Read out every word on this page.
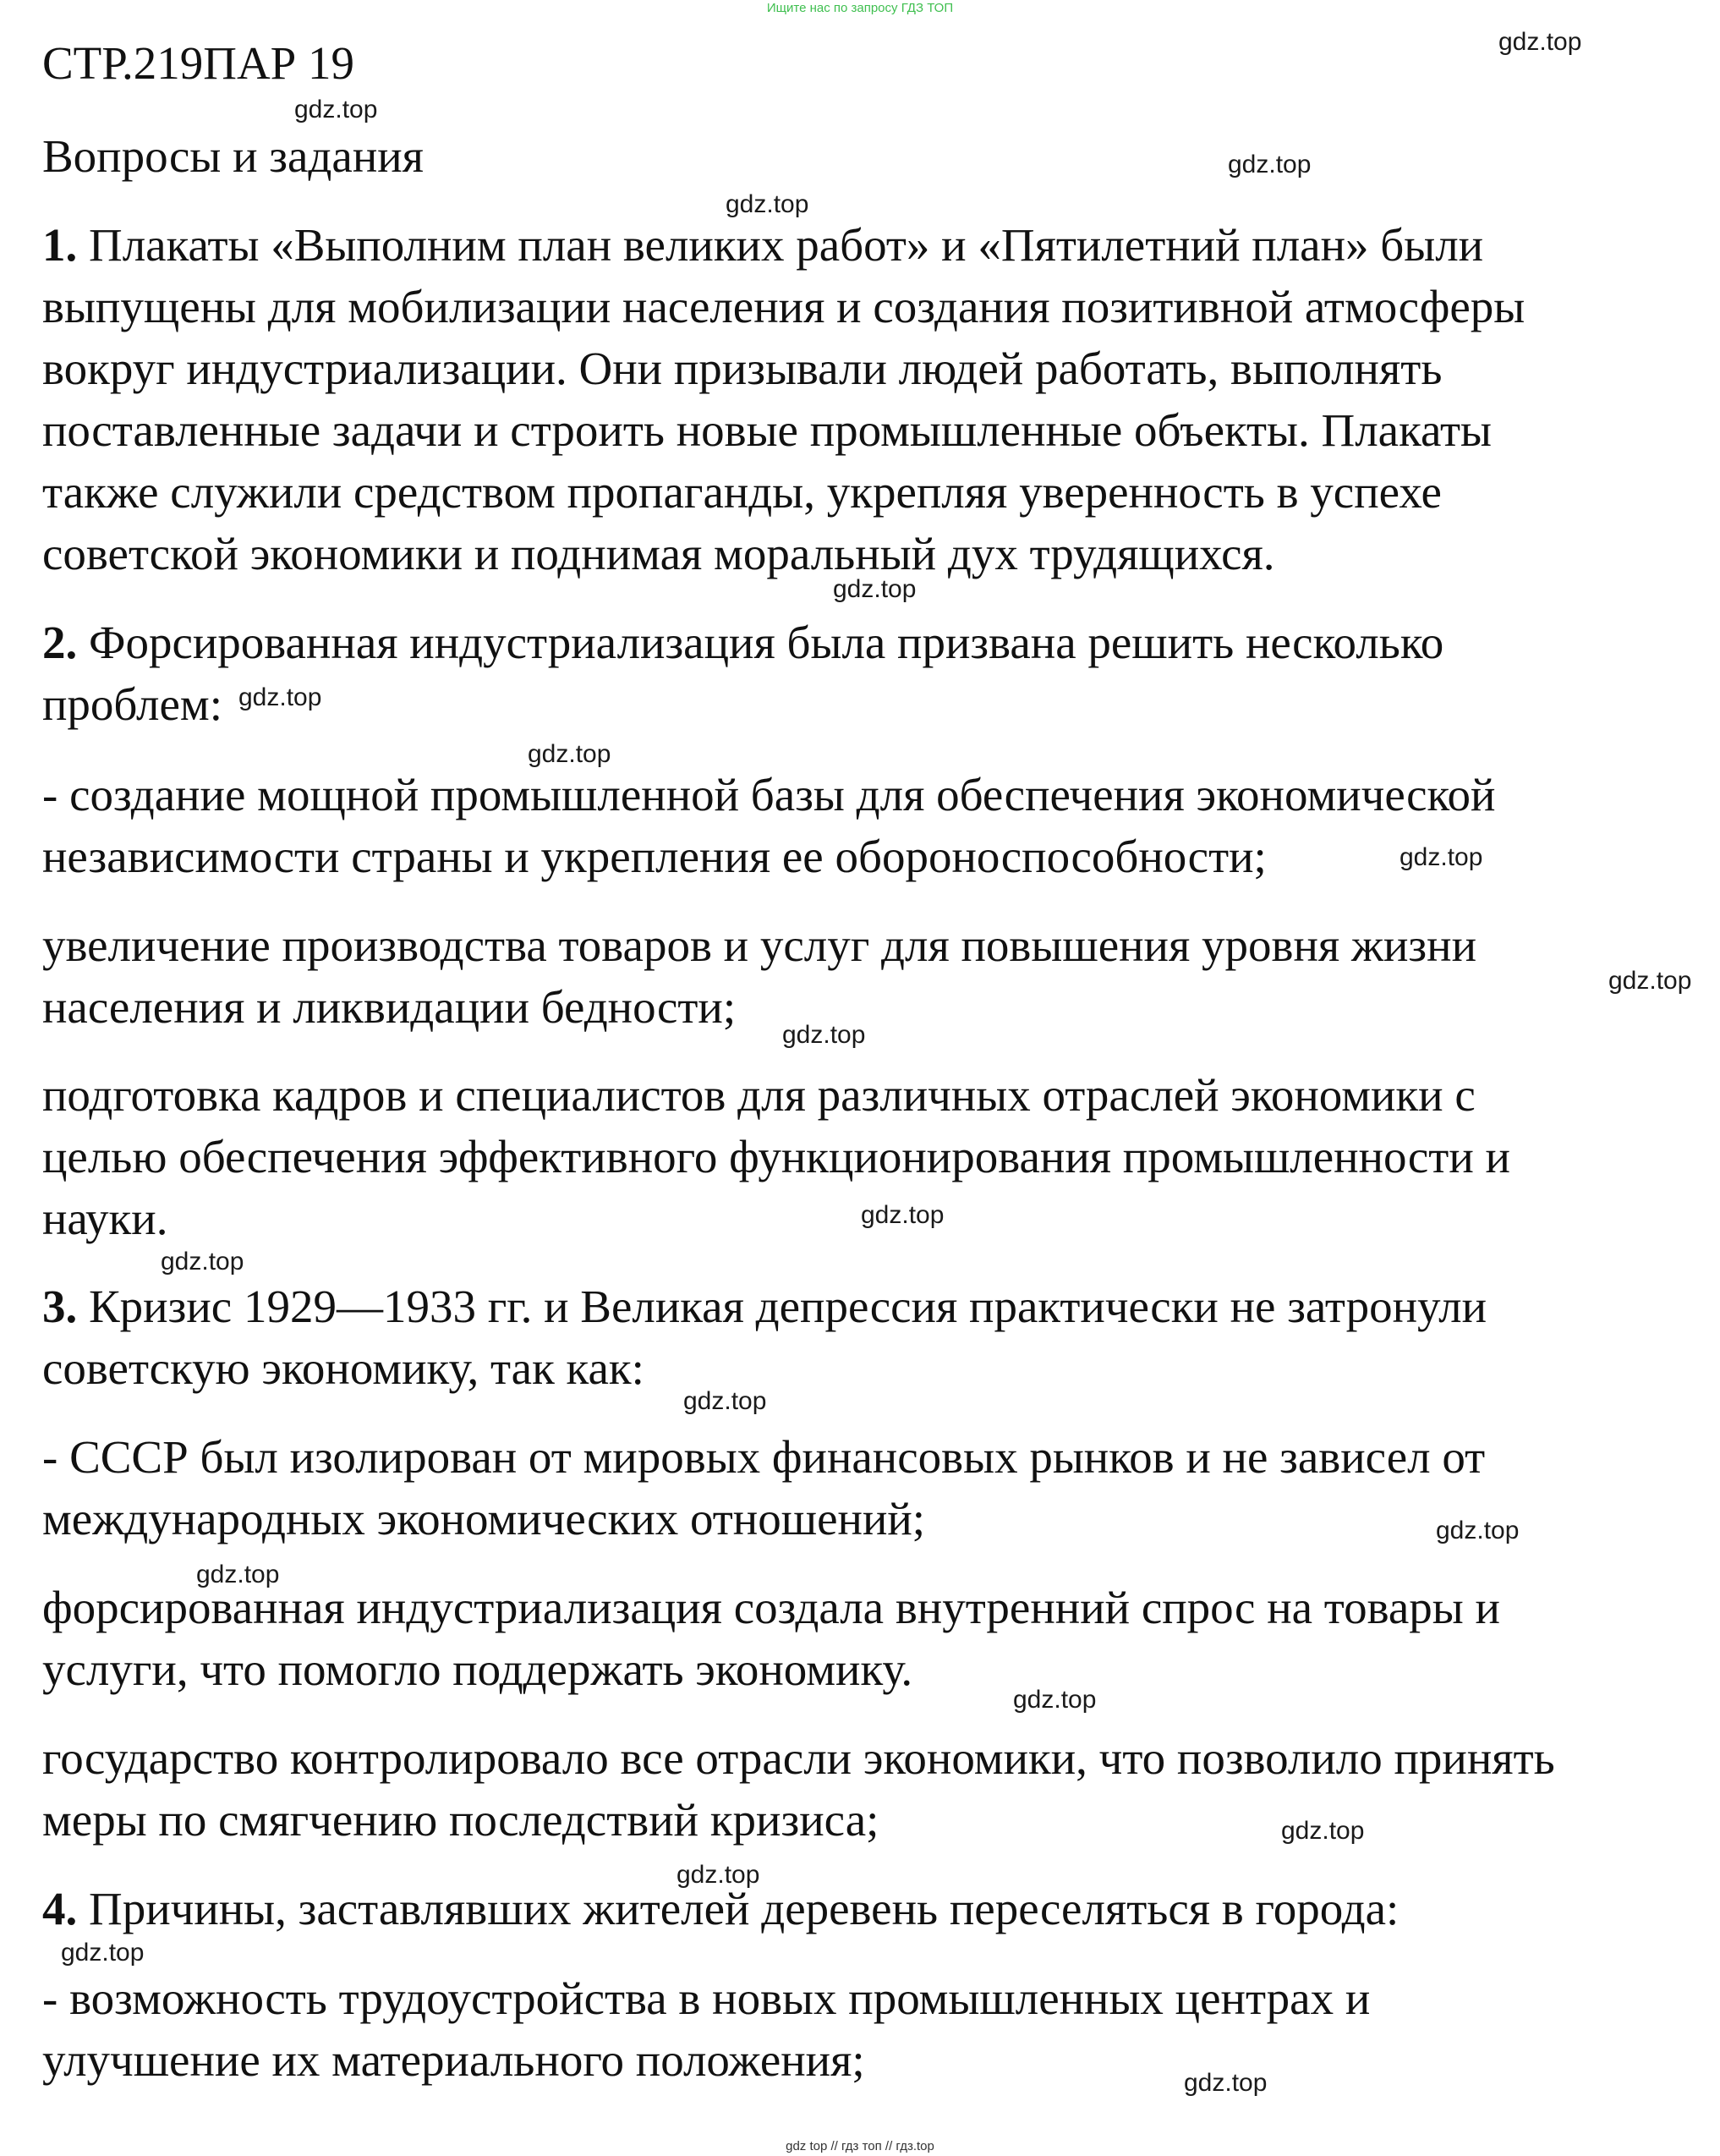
Ищите нас по запросу ГДЗ ТОП
СТР.219ПАР 19
Вопросы и задания
1. Плакаты «Выполним план великих работ» и «Пятилетний план» были
выпущены для мобилизации населения и создания позитивной атмосферы
вокруг индустриализации. Они призывали людей работать, выполнять
поставленные задачи и строить новые промышленные объекты. Плакаты
также служили средством пропаганды, укрепляя уверенность в успехе
советской экономики и поднимая моральный дух трудящихся.
2. Форсированная индустриализация была призвана решить несколько
проблем:
- создание мощной промышленной базы для обеспечения экономической
независимости страны и укрепления ее обороноспособности;
увеличение производства товаров и услуг для повышения уровня жизни
населения и ликвидации бедности;
подготовка кадров и специалистов для различных отраслей экономики с
целью обеспечения эффективного функционирования промышленности и
науки.
3. Кризис 1929—1933 гг. и Великая депрессия практически не затронули
советскую экономику, так как:
- СССР был изолирован от мировых финансовых рынков и не зависел от
международных экономических отношений;
форсированная индустриализация создала внутренний спрос на товары и
услуги, что помогло поддержать экономику.
государство контролировало все отрасли экономики, что позволило принять
меры по смягчению последствий кризиса;
4. Причины, заставлявших жителей деревень переселяться в города:
- возможность трудоустройства в новых промышленных центрах и
улучшение их материального положения;
gdz.top
gdz.top
gdz.top
gdz.top
gdz.top
gdz.top
gdz.top
gdz.top
gdz.top
gdz.top
gdz.top
gdz.top
gdz.top
gdz.top
gdz.top
gdz.top
gdz.top
gdz.top
gdz.top
gdz.top
gdz top // гдз топ // гдз.top
